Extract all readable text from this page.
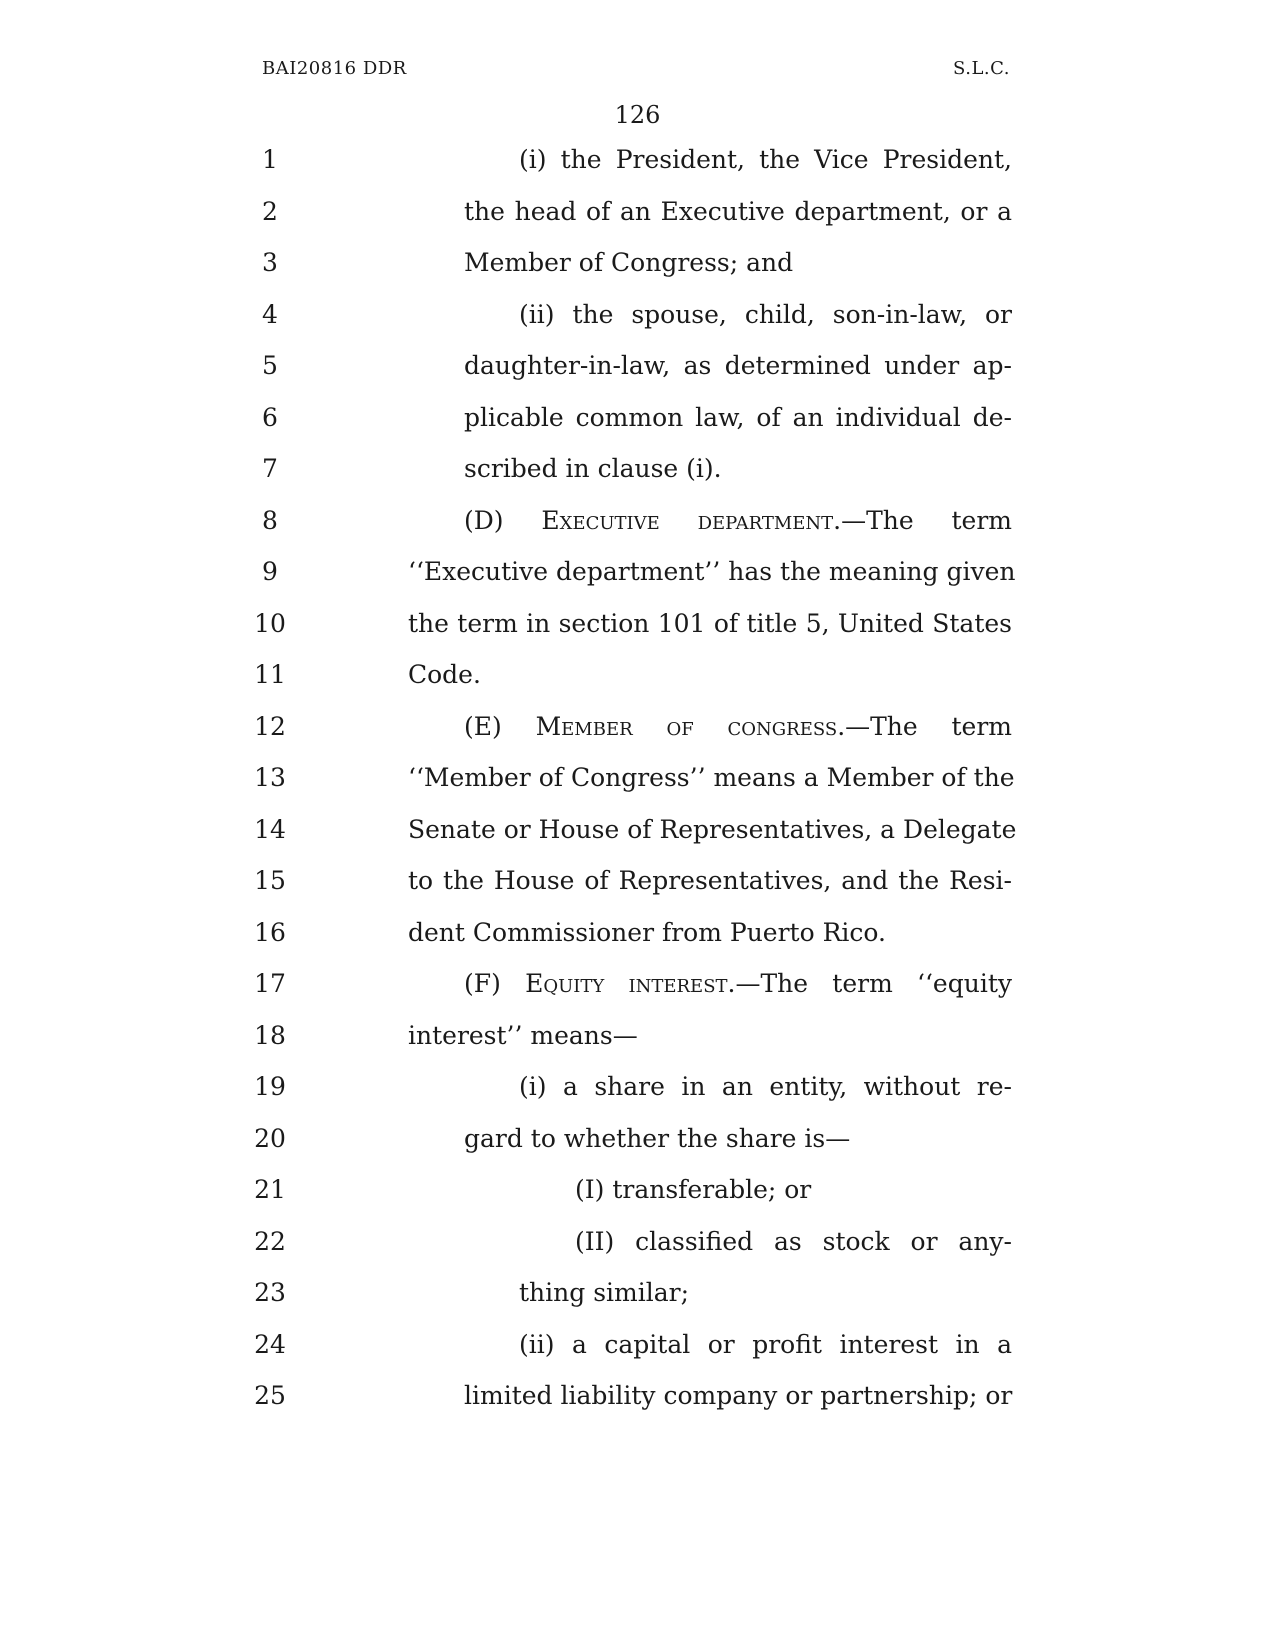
BAI20816 DDR	S.L.C.
126
1	(i) the President, the Vice President,
2	the head of an Executive department, or a
3	Member of Congress; and
4	(ii) the spouse, child, son-in-law, or
5	daughter-in-law, as determined under ap-
6	plicable common law, of an individual de-
7	scribed in clause (i).
8	(D) Executive department.—The term
9	‘‘Executive department’’ has the meaning given
10	the term in section 101 of title 5, United States
11	Code.
12	(E) Member of congress.—The term
13	‘‘Member of Congress’’ means a Member of the
14	Senate or House of Representatives, a Delegate
15	to the House of Representatives, and the Resi-
16	dent Commissioner from Puerto Rico.
17	(F) Equity interest.—The term ‘‘equity
18	interest’’ means—
19	(i) a share in an entity, without re-
20	gard to whether the share is—
21	(I) transferable; or
22	(II) classified as stock or any-
23	thing similar;
24	(ii) a capital or profit interest in a
25	limited liability company or partnership; or
